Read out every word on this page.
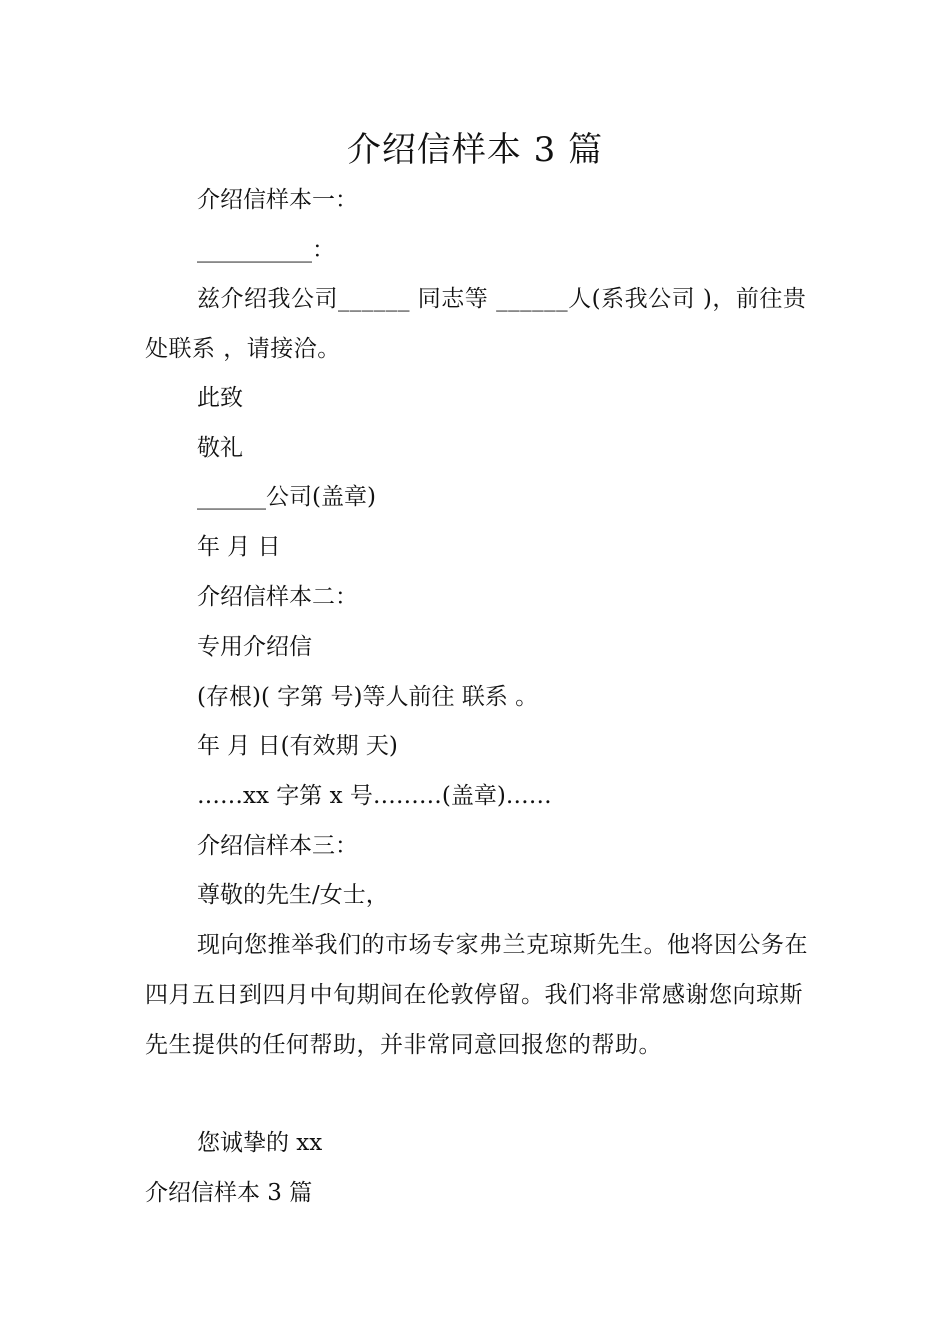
介绍信样本 3 篇
介绍信样本一：
__________：
兹介绍我公司______ 同志等 ______人(系我公司 )，前往贵处联系 ，请接洽。
此致
敬礼
______公司(盖章)
年 月 日
介绍信样本二：
专用介绍信
(存根)( 字第 号)等人前往 联系 。
年 月 日(有效期 天)
……xx 字第 x 号………(盖章)……
介绍信样本三：
尊敬的先生/女士，
现向您推举我们的市场专家弗兰克琼斯先生。他将因公务在四月五日到四月中旬期间在伦敦停留。我们将非常感谢您向琼斯先生提供的任何帮助，并非常同意回报您的帮助。
您诚挚的 xx
介绍信样本 3 篇
